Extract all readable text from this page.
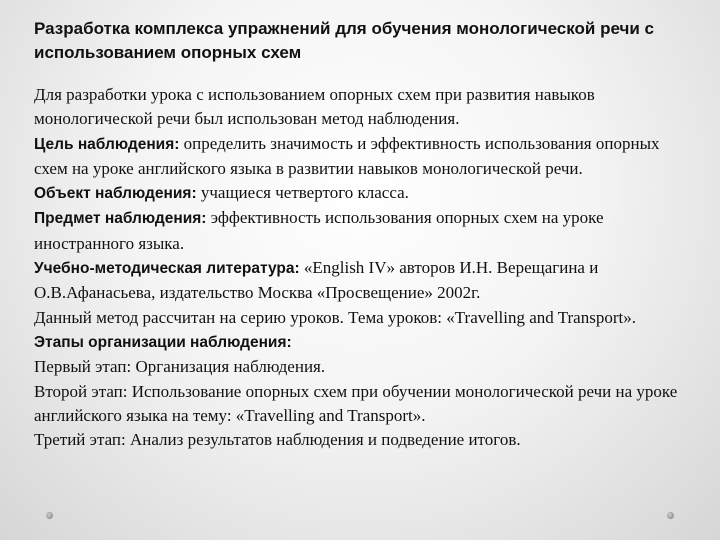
Разработка комплекса упражнений для обучения монологической речи с использованием опорных схем

Для разработки урока с использованием опорных схем при развития навыков монологической речи был использован метод наблюдения.

Цель наблюдения: определить значимость и эффективность использования опорных схем на уроке английского языка в развитии навыков монологической речи.

Объект наблюдения: учащиеся четвертого класса.

Предмет наблюдения: эффективность использования опорных схем на уроке иностранного языка.

Учебно-методическая литература: «English IV» авторов И.Н. Верещагина и О.В.Афанасьева, издательство Москва «Просвещение» 2002г.

Данный метод рассчитан на серию уроков. Тема уроков: «Travelling and Transport».

Этапы организации наблюдения:

Первый этап: Организация наблюдения.

Второй этап: Использование опорных схем при обучении монологической речи на уроке английского языка на тему: «Travelling and Transport».

Третий этап: Анализ результатов наблюдения и подведение итогов.
